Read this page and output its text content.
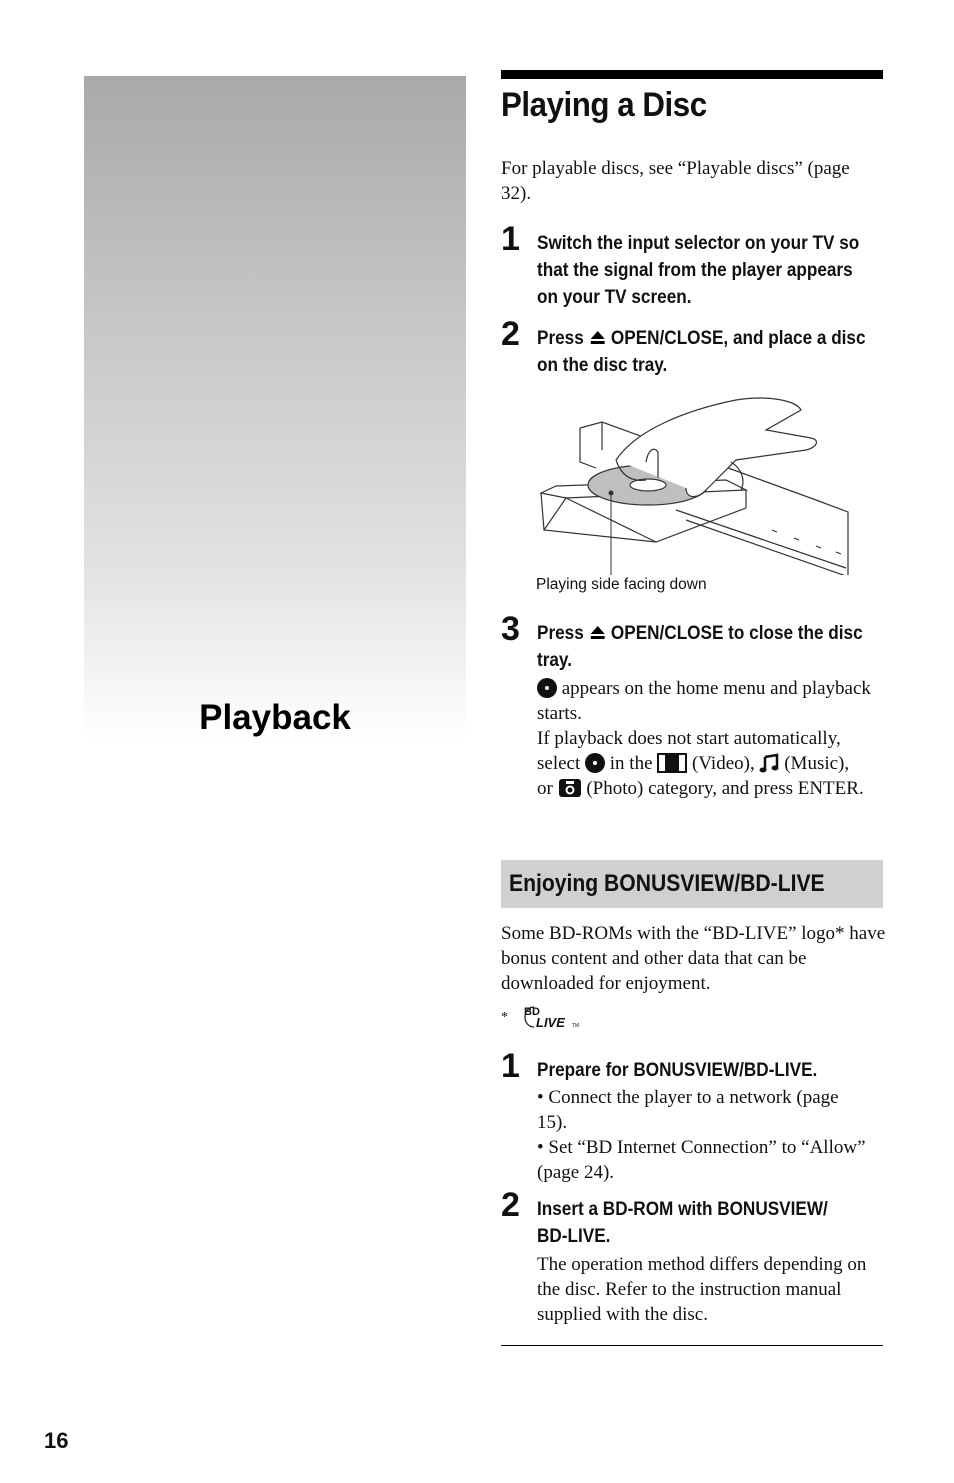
Playback
Playing a Disc

For playable discs, see “Playable discs” (page 32).

1 Switch the input selector on your TV so that the signal from the player appears on your TV screen.

2 Press OPEN/CLOSE, and place a disc on the disc tray.

Playing side facing down

3 Press OPEN/CLOSE to close the disc tray.

appears on the home menu and playback starts.
If playback does not start automatically, select in the (Video), (Music),
or (Photo) category, and press ENTER.

Enjoying BONUSVIEW/BD-LIVE

Some BD-ROMs with the “BD-LIVE” logo* have bonus content and other data that can be downloaded for enjoyment.

* BD
LIVE TM
1 Prepare for BONUSVIEW/BD-LIVE.

• Connect the player to a network (page 15).

• Set “BD Internet Connection” to “Allow” (page 24).

2 Insert a BD-ROM with BONUSVIEW/ BD-LIVE.

The operation method differs depending on the disc. Refer to the instruction manual supplied with the disc.

16
